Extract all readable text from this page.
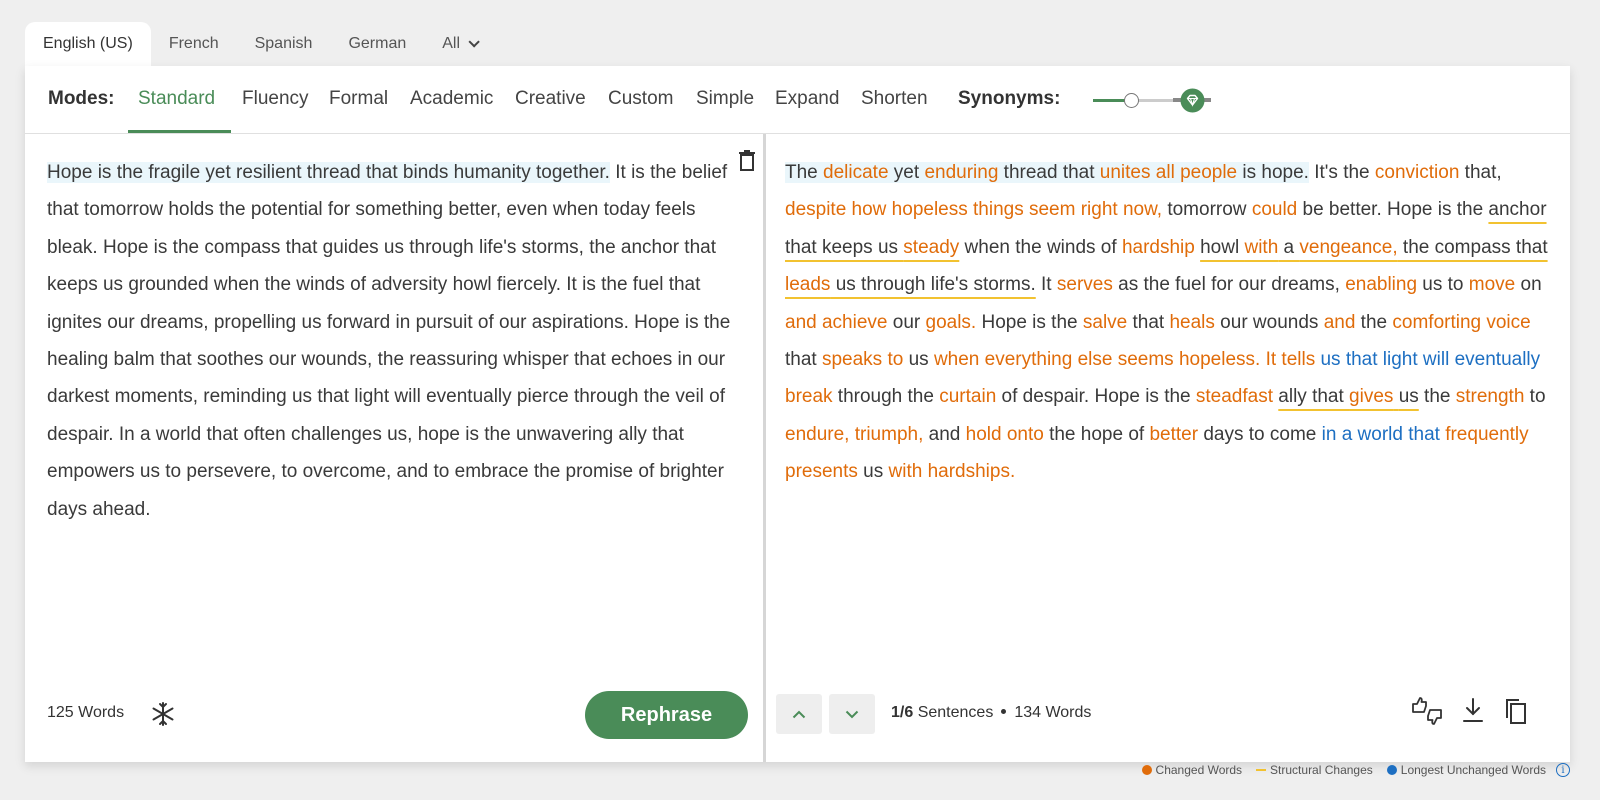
English (US) French Spanish German All
Modes: Standard Fluency Formal Academic Creative Custom Simple Expand Shorten Synonyms:
Hope is the fragile yet resilient thread that binds humanity together. It is the belief that tomorrow holds the potential for something better, even when today feels bleak. Hope is the compass that guides us through life's storms, the anchor that keeps us grounded when the winds of adversity howl fiercely. It is the fuel that ignites our dreams, propelling us forward in pursuit of our aspirations. Hope is the healing balm that soothes our wounds, the reassuring whisper that echoes in our darkest moments, reminding us that light will eventually pierce through the veil of despair. In a world that often challenges us, hope is the unwavering ally that empowers us to persevere, to overcome, and to embrace the promise of brighter days ahead.
The delicate yet enduring thread that unites all people is hope. It's the conviction that, despite how hopeless things seem right now, tomorrow could be better. Hope is the anchor that keeps us steady when the winds of hardship howl with a vengeance, the compass that leads us through life's storms. It serves as the fuel for our dreams, enabling us to move on and achieve our goals. Hope is the salve that heals our wounds and the comforting voice that speaks to us when everything else seems hopeless. It tells us that light will eventually break through the curtain of despair. Hope is the steadfast ally that gives us the strength to endure, triumph, and hold onto the hope of better days to come in a world that frequently presents us with hardships.
125 Words	Rephrase	1/6 Sentences 134 Words
Changed Words Structural Changes Longest Unchanged Words	i
